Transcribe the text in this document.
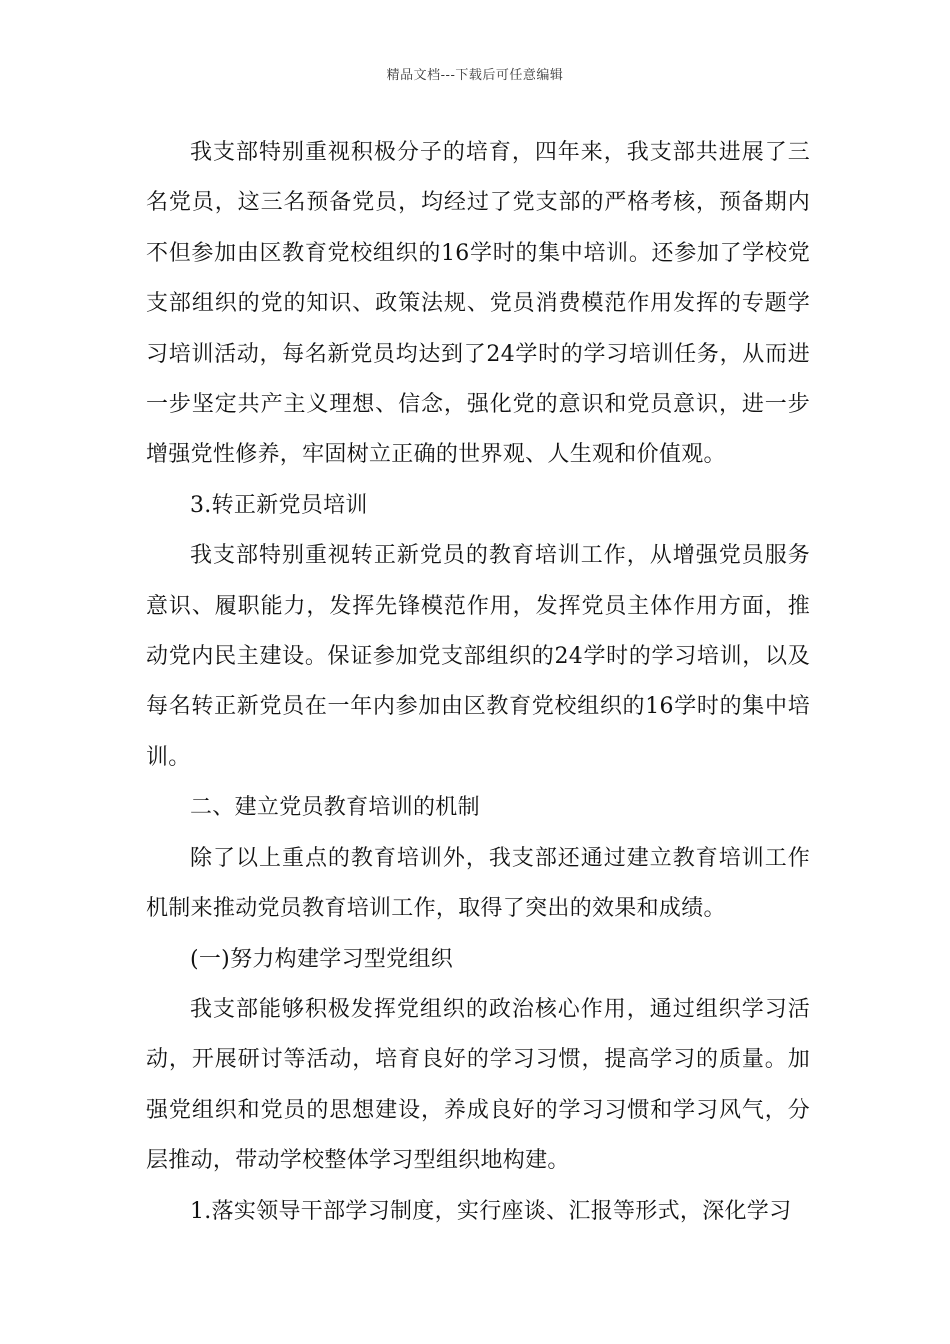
精品文档---下载后可任意编辑

我支部特别重视积极分子的培育，四年来，我支部共进展了三名党员，这三名预备党员，均经过了党支部的严格考核，预备期内不但参加由区教育党校组织的16学时的集中培训。还参加了学校党支部组织的党的知识、政策法规、党员消费模范作用发挥的专题学习培训活动，每名新党员均达到了24学时的学习培训任务，从而进一步坚定共产主义理想、信念，强化党的意识和党员意识，进一步增强党性修养，牢固树立正确的世界观、人生观和价值观。

3.转正新党员培训

我支部特别重视转正新党员的教育培训工作，从增强党员服务意识、履职能力，发挥先锋模范作用，发挥党员主体作用方面，推动党内民主建设。保证参加党支部组织的24学时的学习培训，以及每名转正新党员在一年内参加由区教育党校组织的16学时的集中培训。

二、建立党员教育培训的机制

除了以上重点的教育培训外，我支部还通过建立教育培训工作机制来推动党员教育培训工作，取得了突出的效果和成绩。

(一)努力构建学习型党组织

我支部能够积极发挥党组织的政治核心作用，通过组织学习活动，开展研讨等活动，培育良好的学习习惯，提高学习的质量。加强党组织和党员的思想建设，养成良好的学习习惯和学习风气，分层推动，带动学校整体学习型组织地构建。

1.落实领导干部学习制度，实行座谈、汇报等形式，深化学习
